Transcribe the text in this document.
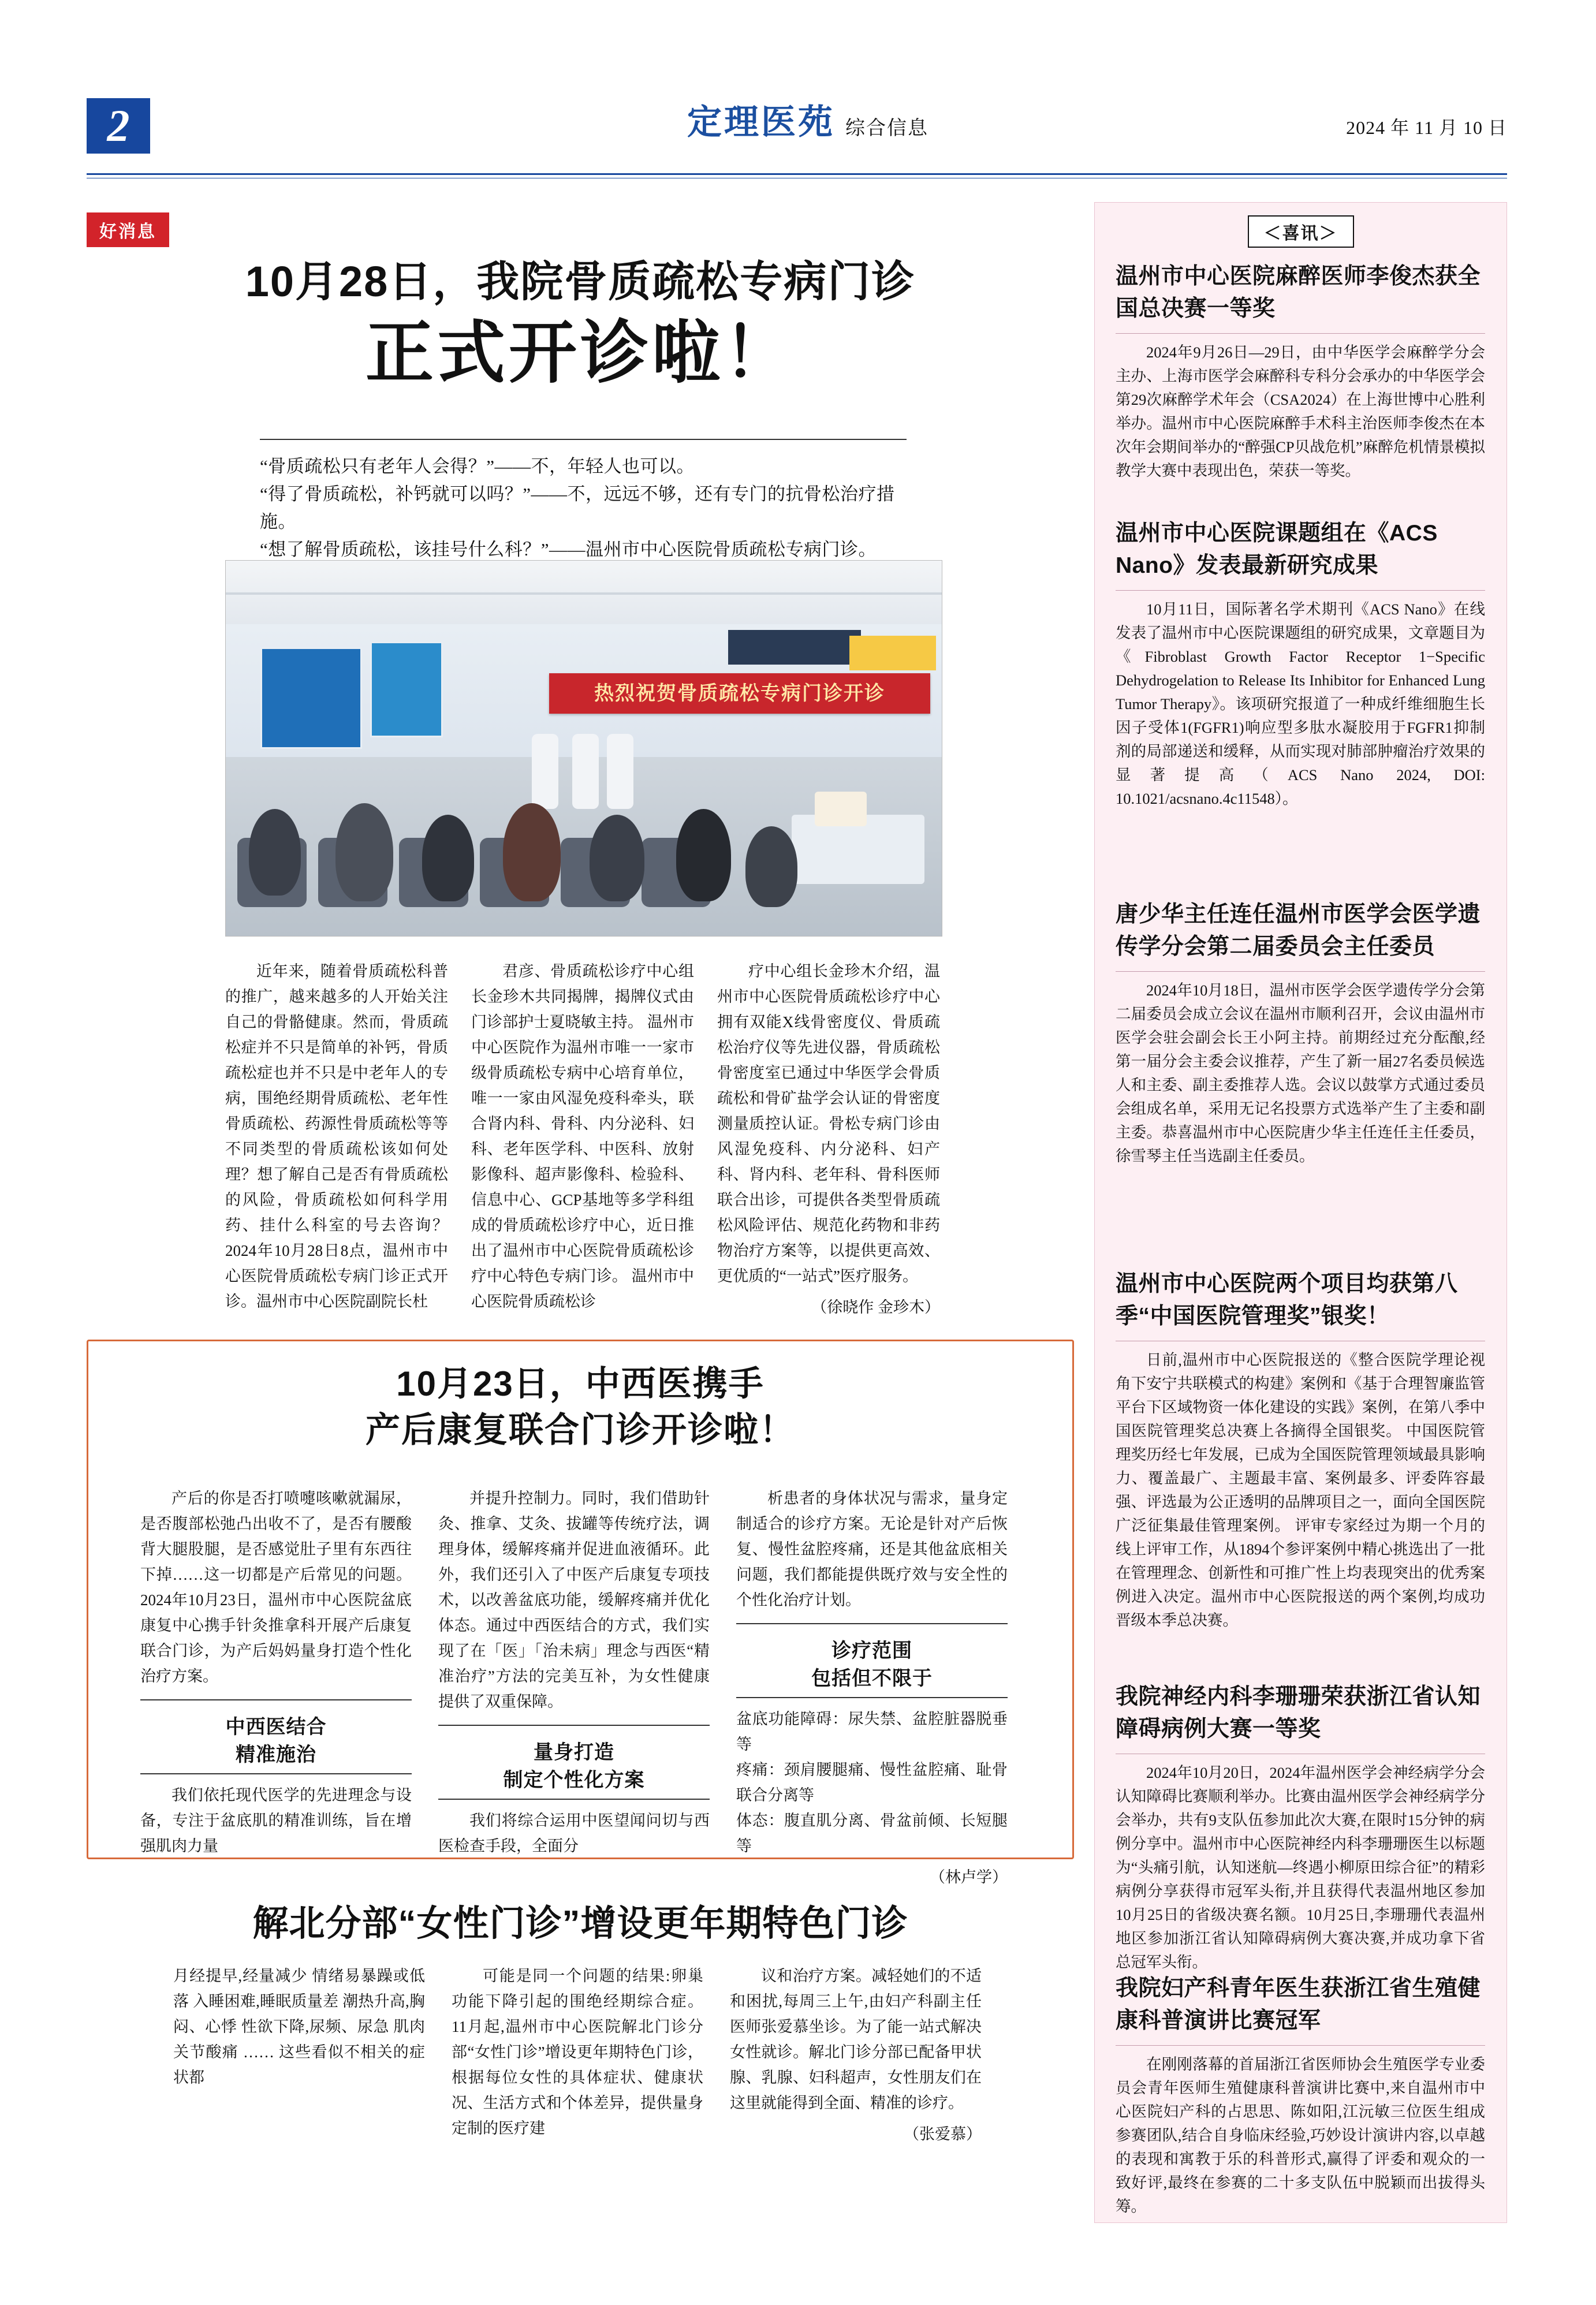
2	定理医苑 综合信息	2024 年 11 月 10 日
好消息
10月28日，我院骨质疏松专病门诊
正式开诊啦！
“骨质疏松只有老年人会得？”——不，年轻人也可以。
“得了骨质疏松，补钙就可以吗？”——不，远远不够，还有专门的抗骨松治疗措施。
“想了解骨质疏松，该挂号什么科？”——温州市中心医院骨质疏松专病门诊。
热烈祝贺骨质疏松专病门诊开诊

近年来，随着骨质疏松科普的推广，越来越多的人开始关注自己的骨骼健康。然而，骨质疏松症并不只是简单的补钙，骨质疏松症也并不只是中老年人的专病，围绝经期骨质疏松、老年性骨质疏松、药源性骨质疏松等等不同类型的骨质疏松该如何处理？想了解自己是否有骨质疏松的风险，骨质疏松如何科学用药、挂什么科室的号去咨询？ 2024年10月28日8点，温州市中心医院骨质疏松专病门诊正式开诊。温州市中心医院副院长杜

君彦、骨质疏松诊疗中心组长金珍木共同揭牌，揭牌仪式由门诊部护士夏晓敏主持。 温州市中心医院作为温州市唯一一家市级骨质疏松专病中心培育单位，唯一一家由风湿免疫科牵头，联合肾内科、骨科、内分泌科、妇科、老年医学科、中医科、放射影像科、超声影像科、检验科、信息中心、GCP基地等多学科组成的骨质疏松诊疗中心，近日推出了温州市中心医院骨质疏松诊疗中心特色专病门诊。 温州市中心医院骨质疏松诊

疗中心组长金珍木介绍，温州市中心医院骨质疏松诊疗中心拥有双能X线骨密度仪、骨质疏松治疗仪等先进仪器，骨质疏松骨密度室已通过中华医学会骨质疏松和骨矿盐学会认证的骨密度测量质控认证。骨松专病门诊由风湿免疫科、内分泌科、妇产科、肾内科、老年科、骨科医师联合出诊，可提供各类型骨质疏松风险评估、规范化药物和非药物治疗方案等，以提供更高效、更优质的“一站式”医疗服务。

（徐晓作 金珍木）
10月23日，中西医携手
产后康复联合门诊开诊啦！

产后的你是否打喷嚏咳嗽就漏尿，是否腹部松弛凸出收不了，是否有腰酸背大腿股腿，是否感觉肚子里有东西往下掉……这一切都是产后常见的问题。2024年10月23日，温州市中心医院盆底康复中心携手针灸推拿科开展产后康复联合门诊，为产后妈妈量身打造个性化治疗方案。

中西医结合
精准施治

我们依托现代医学的先进理念与设备，专注于盆底肌的精准训练，旨在增强肌肉力量

并提升控制力。同时，我们借助针灸、推拿、艾灸、拔罐等传统疗法，调理身体，缓解疼痛并促进血液循环。此外，我们还引入了中医产后康复专项技术，以改善盆底功能，缓解疼痛并优化体态。通过中西医结合的方式，我们实现了在「医」「治未病」理念与西医“精准治疗”方法的完美互补，为女性健康提供了双重保障。

量身打造
制定个性化方案

我们将综合运用中医望闻问切与西医检查手段，全面分

析患者的身体状况与需求，量身定制适合的诊疗方案。无论是针对产后恢复、慢性盆腔疼痛，还是其他盆底相关问题，我们都能提供既疗效与安全性的个性化治疗计划。

诊疗范围
包括但不限于
盆底功能障碍：尿失禁、盆腔脏器脱垂等
疼痛：颈肩腰腿痛、慢性盆腔痛、耻骨联合分离等
体态：腹直肌分离、骨盆前倾、长短腿等
（林卢学）
解北分部“女性门诊”增设更年期特色门诊

月经提早,经量减少 情绪易暴躁或低落 入睡困难,睡眠质量差 潮热升高,胸闷、心悸 性欲下降,尿频、尿急 肌肉关节酸痛 …… 这些看似不相关的症状都

可能是同一个问题的结果:卵巢功能下降引起的围绝经期综合症。 11月起,温州市中心医院解北门诊分部“女性门诊”增设更年期特色门诊，根据每位女性的具体症状、健康状况、生活方式和个体差异，提供量身定制的医疗建

议和治疗方案。减轻她们的不适和困扰,每周三上午,由妇产科副主任医师张爱慕坐诊。为了能一站式解决女性就诊。解北门诊分部已配备甲状腺、乳腺、妇科超声，女性朋友们在这里就能得到全面、精准的诊疗。

（张爱慕）
＜喜讯＞
温州市中心医院麻醉医师李俊杰获全国总决赛一等奖

2024年9月26日—29日，由中华医学会麻醉学分会主办、上海市医学会麻醉科专科分会承办的中华医学会第29次麻醉学术年会（CSA2024）在上海世博中心胜利举办。温州市中心医院麻醉手术科主治医师李俊杰在本次年会期间举办的“醉强CP贝战危机”麻醉危机情景模拟教学大赛中表现出色，荣获一等奖。

温州市中心医院课题组在《ACS Nano》发表最新研究成果

10月11日，国际著名学术期刊《ACS Nano》在线发表了温州市中心医院课题组的研究成果，文章题目为《Fibroblast Growth Factor Receptor 1−Specific Dehydrogelation to Release Its Inhibitor for Enhanced Lung Tumor Therapy》。该项研究报道了一种成纤维细胞生长因子受体1(FGFR1)响应型多肽水凝胶用于FGFR1抑制剂的局部递送和缓释，从而实现对肺部肿瘤治疗效果的显著提高（ACS Nano 2024, DOI: 10.1021/acsnano.4c11548）。

唐少华主任连任温州市医学会医学遗传学分会第二届委员会主任委员

2024年10月18日，温州市医学会医学遗传学分会第二届委员会成立会议在温州市顺利召开，会议由温州市医学会驻会副会长王小阿主持。前期经过充分酝酿,经第一届分会主委会议推荐，产生了新一届27名委员候选人和主委、副主委推荐人选。会议以鼓掌方式通过委员会组成名单，采用无记名投票方式选举产生了主委和副主委。恭喜温州市中心医院唐少华主任连任主任委员，徐雪琴主任当选副主任委员。

温州市中心医院两个项目均获第八季“中国医院管理奖”银奖！

日前,温州市中心医院报送的《整合医院学理论视角下安宁共联模式的构建》案例和《基于合理智廉监管平台下区域物资一体化建设的实践》案例，在第八季中国医院管理奖总决赛上各摘得全国银奖。 中国医院管理奖历经七年发展，已成为全国医院管理领域最具影响力、覆盖最广、主题最丰富、案例最多、评委阵容最强、评选最为公正透明的品牌项目之一，面向全国医院广泛征集最佳管理案例。 评审专家经过为期一个月的线上评审工作，从1894个参评案例中精心挑选出了一批在管理理念、创新性和可推广性上均表现突出的优秀案例进入决定。温州市中心医院报送的两个案例,均成功晋级本季总决赛。

我院神经内科李珊珊荣获浙江省认知障碍病例大赛一等奖

2024年10月20日，2024年温州医学会神经病学分会认知障碍比赛顺利举办。比赛由温州医学会神经病学分会举办，共有9支队伍参加此次大赛,在限时15分钟的病例分享中。温州市中心医院神经内科李珊珊医生以标题为“头痛引航，认知迷航—终遇小柳原田综合征”的精彩病例分享获得市冠军头衔,并且获得代表温州地区参加10月25日的省级决赛名额。10月25日,李珊珊代表温州地区参加浙江省认知障碍病例大赛决赛,并成功拿下省总冠军头衔。

我院妇产科青年医生获浙江省生殖健康科普演讲比赛冠军

在刚刚落幕的首届浙江省医师协会生殖医学专业委员会青年医师生殖健康科普演讲比赛中,来自温州市中心医院妇产科的占思思、陈如阳,江沅敏三位医生组成参赛团队,结合自身临床经验,巧妙设计演讲内容,以卓越的表现和寓教于乐的科普形式,赢得了评委和观众的一致好评,最终在参赛的二十多支队伍中脱颖而出拔得头筹。
